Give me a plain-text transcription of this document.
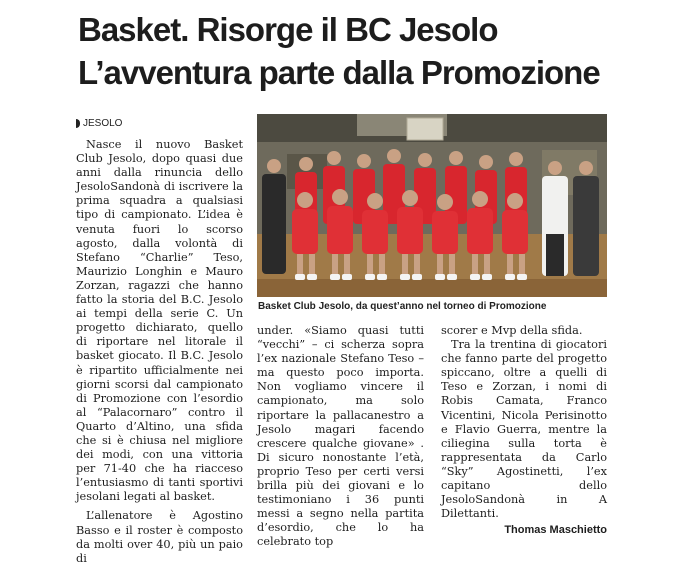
Basket. Risorge il BC Jesolo
L’avventura parte dalla Promozione
JESOLO

Nasce il nuovo Basket Club Jesolo, dopo quasi due anni dalla rinuncia dello JesoloSandonà di iscrivere la prima squadra a qualsiasi tipo di campionato. L’idea è venuta fuori lo scorso agosto, dalla volontà di Stefano “Charlie” Teso, Maurizio Longhin e Mauro Zorzan, ragazzi che hanno fatto la storia del B.C. Jesolo ai tempi della serie C. Un progetto dichiarato, quello di riportare nel litorale il basket giocato. Il B.C. Jesolo è ripartito ufficialmente nei giorni scorsi dal campionato di Promozione con l’esordio al “Palacornaro” contro il Quarto d’Altino, una sfida che si è chiusa nel migliore dei modi, con una vittoria per 71-40 che ha riacceso l’entusiasmo di tanti sportivi jesolani legati al basket.

L’allenatore è Agostino Basso e il roster è composto da molti over 40, più un paio di

Basket Club Jesolo, da quest’anno nel torneo di Promozione

under. «Siamo quasi tutti “vecchi” – ci scherza sopra l’ex nazionale Stefano Teso – ma questo poco importa. Non vogliamo vincere il campionato, ma solo riportare la pallacanestro a Jesolo magari facendo crescere qualche giovane» . Di sicuro nonostante l’età, proprio Teso per certi versi brilla più dei giovani e lo testimoniano i 36 punti messi a segno nella partita d’esordio, che lo ha celebrato top

scorer e Mvp della sfida.

Tra la trentina di giocatori che fanno parte del progetto spiccano, oltre a quelli di Teso e Zorzan, i nomi di Robis Camata, Franco Vicentini, Nicola Perisinotto e Flavio Guerra, mentre la ciliegina sulla torta è rappresentata da Carlo “Sky” Agostinetti, l’ex capitano dello JesoloSandonà in A Dilettanti.

Thomas Maschietto
